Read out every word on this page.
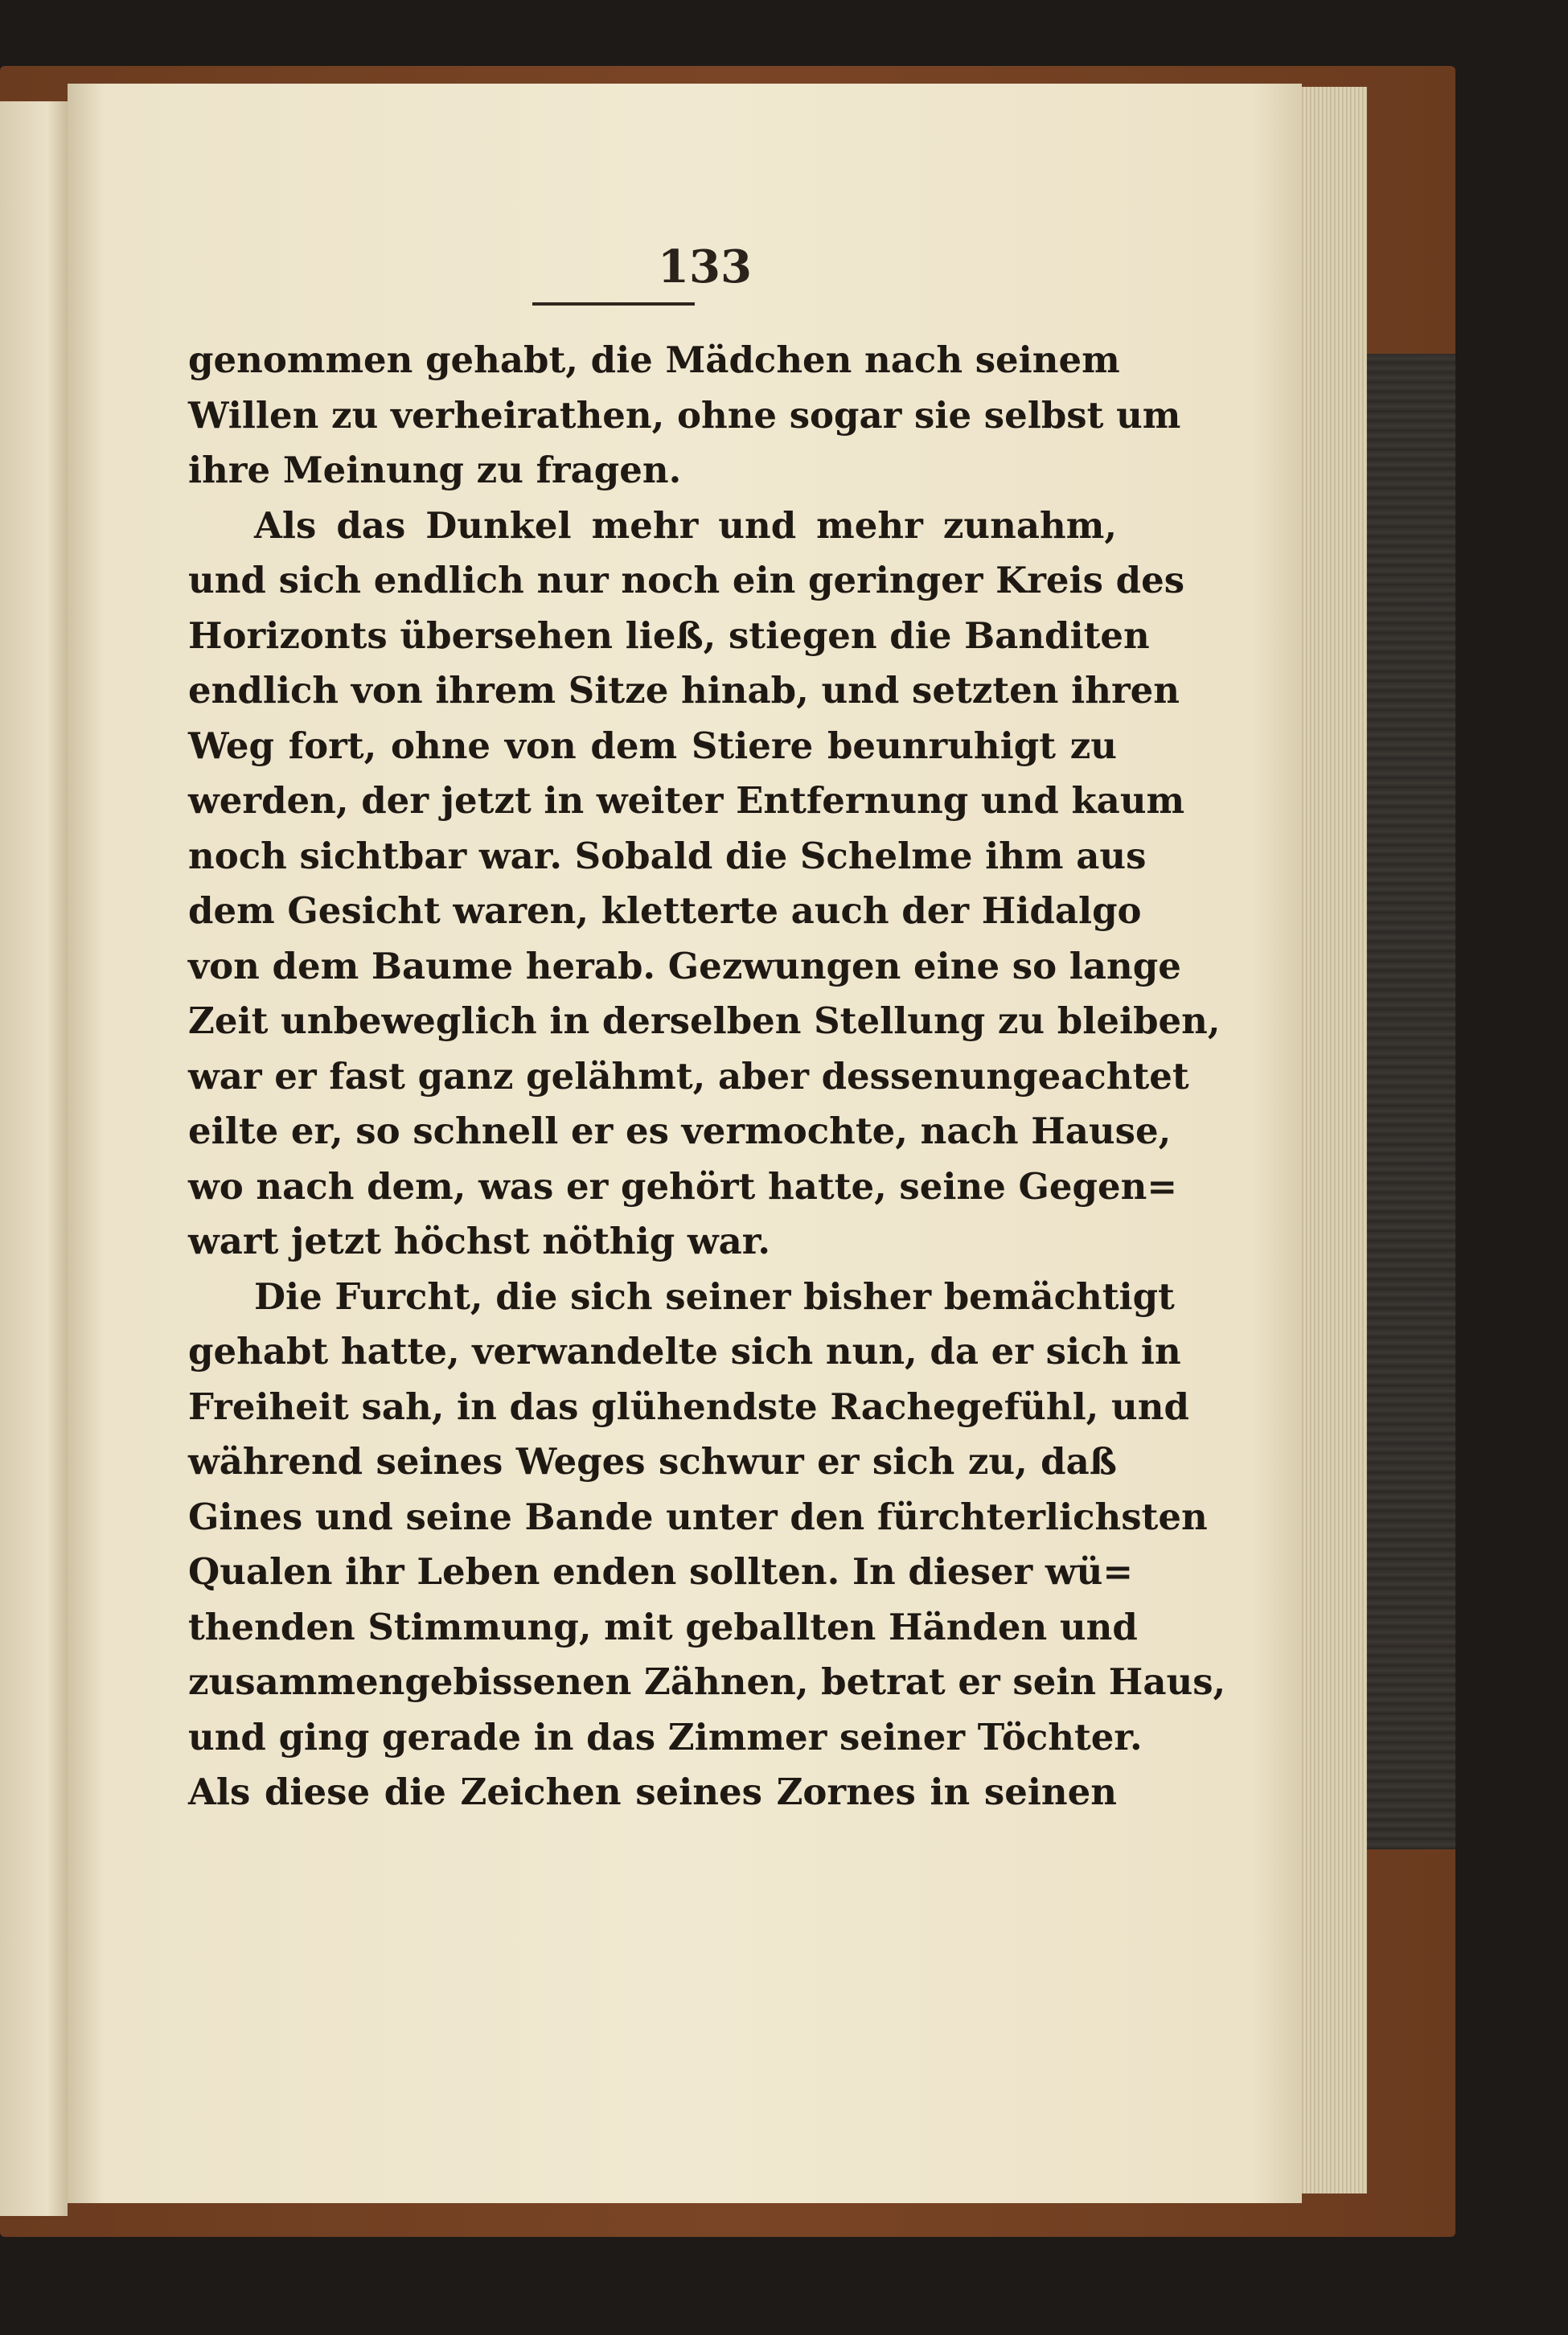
133
genommen gehabt, die Mädchen nach seinem
Willen zu verheirathen, ohne sogar sie selbst um
ihre Meinung zu fragen.
Als das Dunkel mehr und mehr zunahm,
und sich endlich nur noch ein geringer Kreis des
Horizonts übersehen ließ, stiegen die Banditen
endlich von ihrem Sitze hinab, und setzten ihren
Weg fort, ohne von dem Stiere beunruhigt zu
werden, der jetzt in weiter Entfernung und kaum
noch sichtbar war. Sobald die Schelme ihm aus
dem Gesicht waren, kletterte auch der Hidalgo
von dem Baume herab. Gezwungen eine so lange
Zeit unbeweglich in derselben Stellung zu bleiben,
war er fast ganz gelähmt, aber dessenungeachtet
eilte er, so schnell er es vermochte, nach Hause,
wo nach dem, was er gehört hatte, seine Gegen=
wart jetzt höchst nöthig war.
Die Furcht, die sich seiner bisher bemächtigt
gehabt hatte, verwandelte sich nun, da er sich in
Freiheit sah, in das glühendste Rachegefühl, und
während seines Weges schwur er sich zu, daß
Gines und seine Bande unter den fürchterlichsten
Qualen ihr Leben enden sollten. In dieser wü=
thenden Stimmung, mit geballten Händen und
zusammengebissenen Zähnen, betrat er sein Haus,
und ging gerade in das Zimmer seiner Töchter.
Als diese die Zeichen seines Zornes in seinen
